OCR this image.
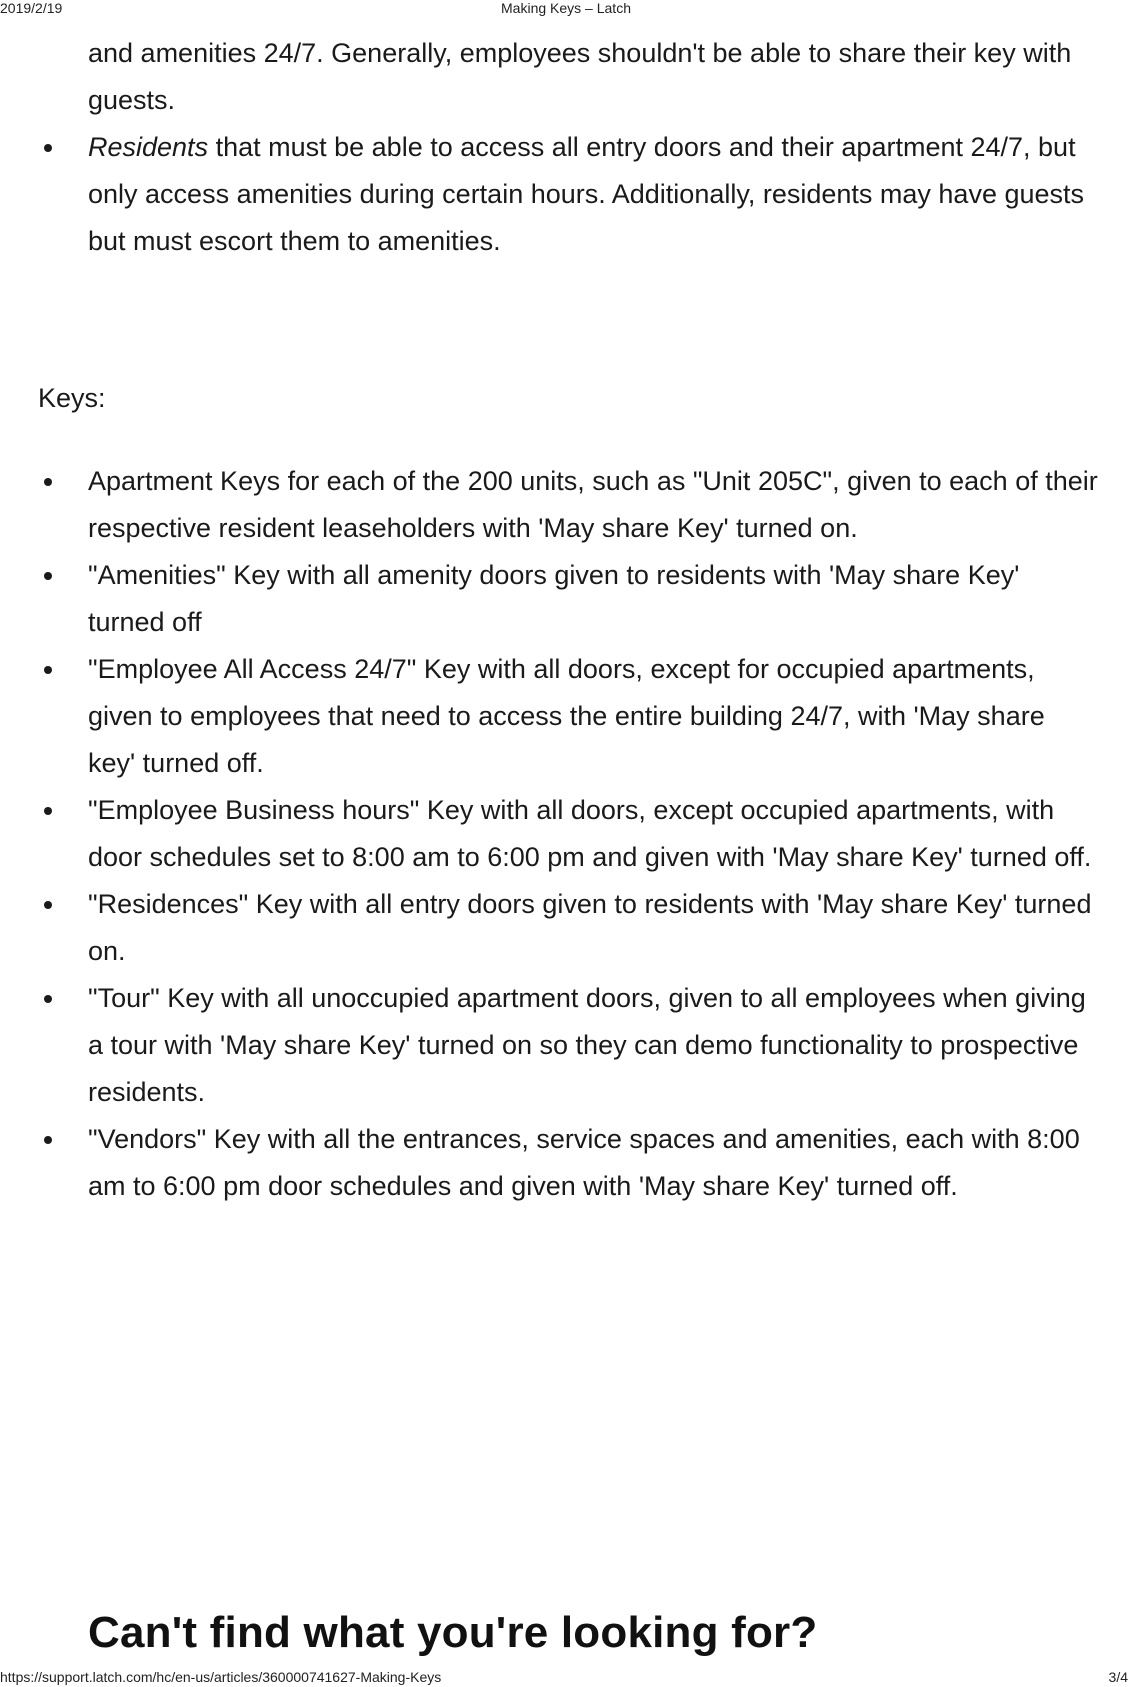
2019/2/19	Making Keys – Latch
and amenities 24/7. Generally, employees shouldn't be able to share their key with guests.
Residents that must be able to access all entry doors and their apartment 24/7, but only access amenities during certain hours. Additionally, residents may have guests but must escort them to amenities.

Keys:

Apartment Keys for each of the 200 units, such as "Unit 205C", given to each of their respective resident leaseholders with 'May share Key' turned on.
"Amenities" Key with all amenity doors given to residents with 'May share Key' turned off
"Employee All Access 24/7" Key with all doors, except for occupied apartments, given to employees that need to access the entire building 24/7, with 'May share key' turned off.
"Employee Business hours" Key with all doors, except occupied apartments, with door schedules set to 8:00 am to 6:00 pm and given with 'May share Key' turned off.
"Residences" Key with all entry doors given to residents with 'May share Key' turned on.
"Tour" Key with all unoccupied apartment doors, given to all employees when giving a tour with 'May share Key' turned on so they can demo functionality to prospective residents.
"Vendors" Key with all the entrances, service spaces and amenities, each with 8:00 am to 6:00 pm door schedules and given with 'May share Key' turned off.
Can't find what you're looking for?
https://support.latch.com/hc/en-us/articles/360000741627-Making-Keys	3/4
